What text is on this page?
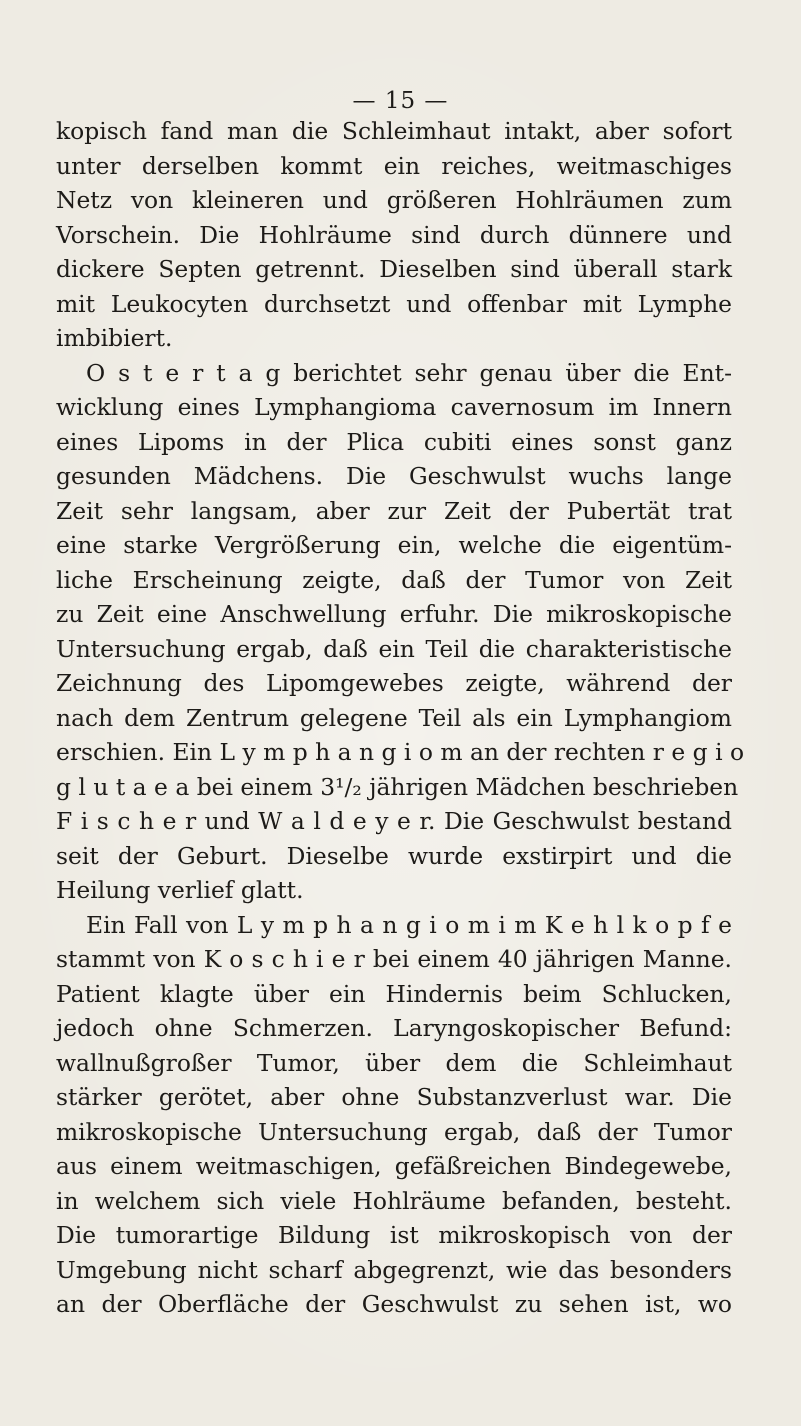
— 15 —
kopisch fand man die Schleimhaut intakt, aber sofort
unter derselben kommt ein reiches, weitmaschiges
Netz von kleineren und größeren Hohlräumen zum
Vorschein. Die Hohlräume sind durch dünnere und
dickere Septen getrennt. Dieselben sind überall stark
mit Leukocyten durchsetzt und offenbar mit Lymphe
imbibiert.
O s t e r t a g berichtet sehr genau über die Ent-
wicklung eines Lymphangioma cavernosum im Innern
eines Lipoms in der Plica cubiti eines sonst ganz
gesunden Mädchens. Die Geschwulst wuchs lange
Zeit sehr langsam, aber zur Zeit der Pubertät trat
eine starke Vergrößerung ein, welche die eigentüm-
liche Erscheinung zeigte, daß der Tumor von Zeit
zu Zeit eine Anschwellung erfuhr. Die mikroskopische
Untersuchung ergab, daß ein Teil die charakteristische
Zeichnung des Lipomgewebes zeigte, während der
nach dem Zentrum gelegene Teil als ein Lymphangiom
erschien. Ein L y m p h a n g i o m an der rechten r e g i o
g l u t a e a bei einem 3¹/₂ jährigen Mädchen beschrieben
F i s c h e r und W a l d e y e r. Die Geschwulst bestand
seit der Geburt. Dieselbe wurde exstirpirt und die
Heilung verlief glatt.
Ein Fall von L y m p h a n g i o m i m K e h l k o p f e
stammt von K o s c h i e r bei einem 40 jährigen Manne.
Patient klagte über ein Hindernis beim Schlucken,
jedoch ohne Schmerzen. Laryngoskopischer Befund:
wallnußgroßer Tumor, über dem die Schleimhaut
stärker gerötet, aber ohne Substanzverlust war. Die
mikroskopische Untersuchung ergab, daß der Tumor
aus einem weitmaschigen, gefäßreichen Bindegewebe,
in welchem sich viele Hohlräume befanden, besteht.
Die tumorartige Bildung ist mikroskopisch von der
Umgebung nicht scharf abgegrenzt, wie das besonders
an der Oberfläche der Geschwulst zu sehen ist, wo
